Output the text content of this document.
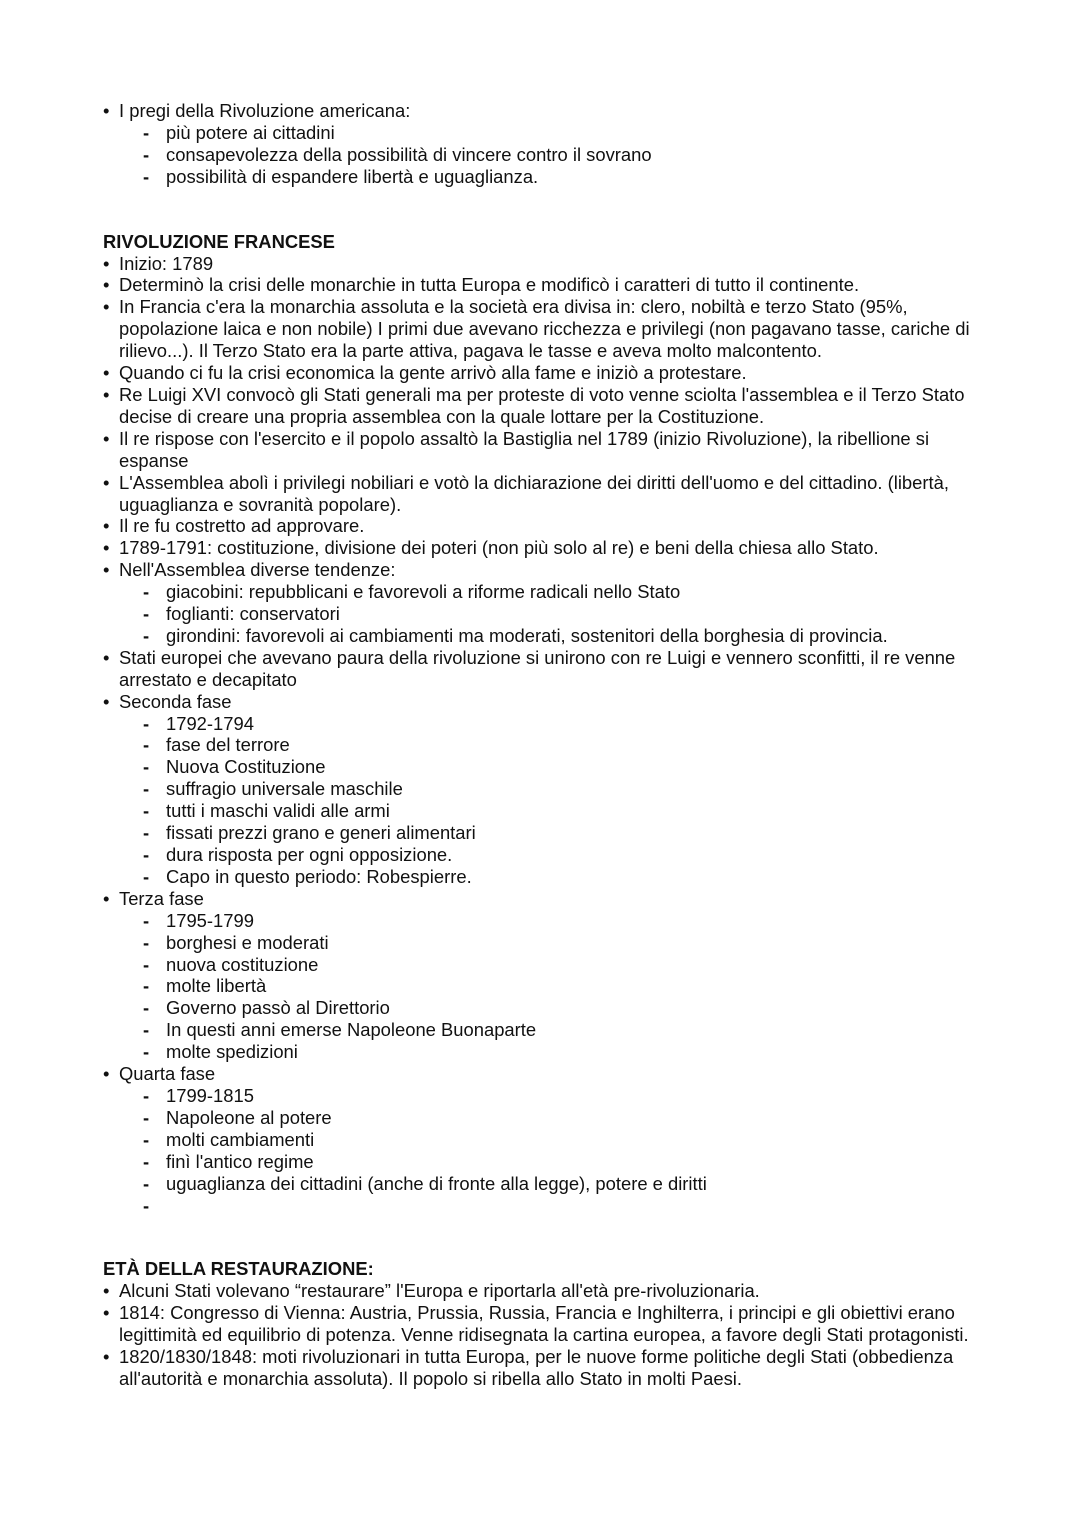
• I pregi della Rivoluzione americana:
- più potere ai cittadini
- consapevolezza della possibilità di vincere contro il sovrano
- possibilità di espandere libertà e uguaglianza.

RIVOLUZIONE FRANCESE

• Inizio: 1789
• Determinò la crisi delle monarchie in tutta Europa e modificò i caratteri di tutto il continente.
• In Francia c'era la monarchia assoluta e la società era divisa in: clero, nobiltà e terzo Stato (95%, popolazione laica e non nobile) I primi due avevano ricchezza e privilegi (non pagavano tasse, cariche di rilievo...). Il Terzo Stato era la parte attiva, pagava le tasse e aveva molto malcontento.
• Quando ci fu la crisi economica la gente arrivò alla fame e iniziò a protestare.
• Re Luigi XVI convocò gli Stati generali ma per proteste di voto venne sciolta l'assemblea e il Terzo Stato decise di creare una propria assemblea con la quale lottare per la Costituzione.
• Il re rispose con l'esercito e il popolo assaltò la Bastiglia nel 1789 (inizio Rivoluzione), la ribellione si espanse
• L'Assemblea abolì i privilegi nobiliari e votò la dichiarazione dei diritti dell'uomo e del cittadino. (libertà, uguaglianza e sovranità popolare).
• Il re fu costretto ad approvare.
• 1789-1791: costituzione, divisione dei poteri (non più solo al re) e beni della chiesa allo Stato.
• Nell'Assemblea diverse tendenze:
- giacobini: repubblicani e favorevoli a riforme radicali nello Stato
- foglianti: conservatori
- girondini: favorevoli ai cambiamenti ma moderati, sostenitori della borghesia di provincia.
• Stati europei che avevano paura della rivoluzione si unirono con re Luigi e vennero sconfitti, il re venne arrestato e decapitato
• Seconda fase
- 1792-1794
- fase del terrore
- Nuova Costituzione
- suffragio universale maschile
- tutti i maschi validi alle armi
- fissati prezzi grano e generi alimentari
- dura risposta per ogni opposizione.
- Capo in questo periodo: Robespierre.
• Terza fase
- 1795-1799
- borghesi e moderati
- nuova costituzione
- molte libertà
- Governo passò al Direttorio
- In questi anni emerse Napoleone Buonaparte
- molte spedizioni
• Quarta fase
- 1799-1815
- Napoleone al potere
- molti cambiamenti
- finì l'antico regime
- uguaglianza dei cittadini (anche di fronte alla legge), potere e diritti
-

ETÀ DELLA RESTAURAZIONE:

• Alcuni Stati volevano “restaurare” l'Europa e riportarla all'età pre-rivoluzionaria.
• 1814: Congresso di Vienna: Austria, Prussia, Russia, Francia e Inghilterra, i principi e gli obiettivi erano legittimità ed equilibrio di potenza. Venne ridisegnata la cartina europea, a favore degli Stati protagonisti.
• 1820/1830/1848: moti rivoluzionari in tutta Europa, per le nuove forme politiche degli Stati (obbedienza all'autorità e monarchia assoluta). Il popolo si ribella allo Stato in molti Paesi.
